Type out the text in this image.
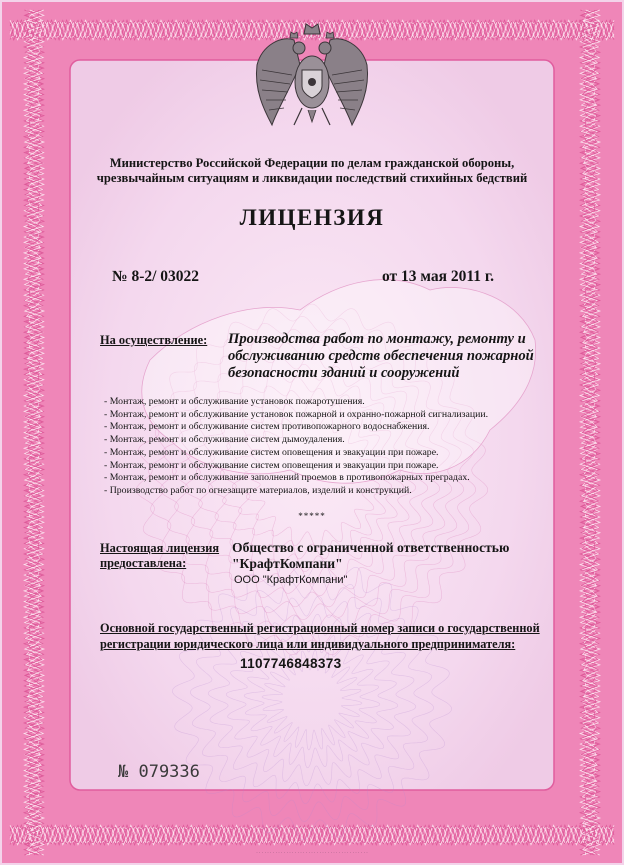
Министерство Российской Федерации по делам гражданской обороны,
чрезвычайным ситуациям и ликвидации последствий стихийных бедствий

ЛИЦЕНЗИЯ
№ 8-2/ 03022	от 13 мая 2011 г.
На осуществление: Производства работ по монтажу, ремонту и обслуживанию средств обеспечения пожарной безопасности зданий и сооружений
- Монтаж, ремонт и обслуживание установок пожаротушения.
- Монтаж, ремонт и обслуживание установок пожарной и охранно-пожарной сигнализации.
- Монтаж, ремонт и обслуживание систем противопожарного водоснабжения.
- Монтаж, ремонт и обслуживание систем дымоудаления.
- Монтаж, ремонт и обслуживание систем оповещения и эвакуации при пожаре.
- Монтаж, ремонт и обслуживание систем оповещения и эвакуации при пожаре.
- Монтаж, ремонт и обслуживание заполнений проемов в противопожарных преградах.
- Производство работ по огнезащите материалов, изделий и конструкций.
*****
Настоящая лицензия
предоставлена:
Общество с ограниченной ответственностью "КрафтКомпани"
ООО "КрафтКомпани"
Основной государственный регистрационный номер записи о государственной
регистрации юридического лица или индивидуального предпринимателя:
1107746848373
№ 079336
· · · · · · · · · · · · · · · · · · · · · · · · · · · · · · · · · · · · · · · · ·
